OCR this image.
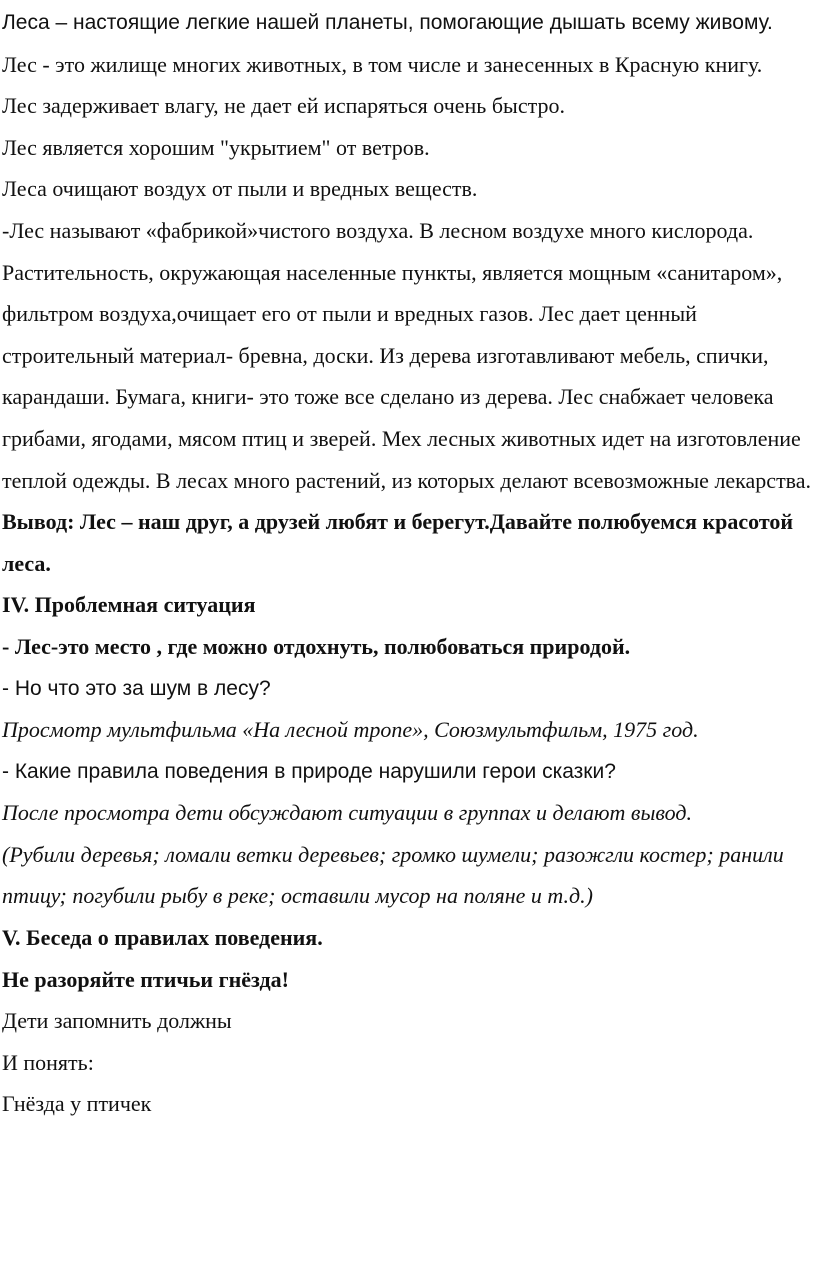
Леса – настоящие легкие нашей планеты, помогающие дышать всему живому.

Лес - это жилище многих животных, в том числе и занесенных в Красную книгу.

Лес задерживает влагу, не дает ей испаряться очень быстро.

Лес является хорошим "укрытием" от ветров.

Леса очищают воздух от пыли и вредных веществ.

-Лес называют «фабрикой»чистого воздуха. В лесном воздухе много кислорода. Растительность, окружающая населенные пункты, является мощным «санитаром», фильтром воздуха,очищает его от пыли и вредных газов. Лес дает ценный строительный материал- бревна, доски. Из дерева изготавливают мебель, спички, карандаши. Бумага, книги- это тоже все сделано из дерева. Лес снабжает человека грибами, ягодами, мясом птиц и зверей. Мех лесных животных идет на изготовление теплой одежды. В лесах много растений, из которых делают всевозможные лекарства.

Вывод: Лес – наш друг, а друзей любят и берегут.Давайте полюбуемся красотой леса.

IV. Проблемная ситуация

- Лес-это место , где можно отдохнуть, полюбоваться природой.

- Но что это за шум в лесу?

Просмотр мультфильма «На лесной тропе», Союзмультфильм, 1975 год.

- Какие правила поведения в природе нарушили герои сказки?

После просмотра дети обсуждают ситуации в группах и делают вывод.

(Рубили деревья; ломали ветки деревьев; громко шумели; разожгли костер; ранили птицу; погубили рыбу в реке; оставили мусор на поляне и т.д.)

V. Беседа о правилах поведения.

Не разоряйте птичьи гнёзда!

Дети запомнить должны

И понять:

Гнёзда у птичек
